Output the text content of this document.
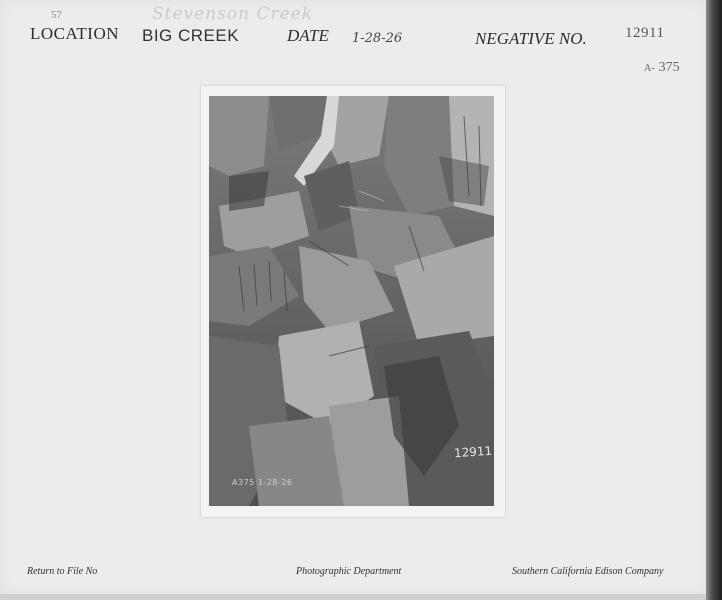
57	Stevenson Creek
LOCATION BIG CREEK	DATE 1-28-26	NEGATIVE NO.	12911
A- 375
12911
A375 1-28-26
Return to File No	Photographic Department	Southern California Edison Company
